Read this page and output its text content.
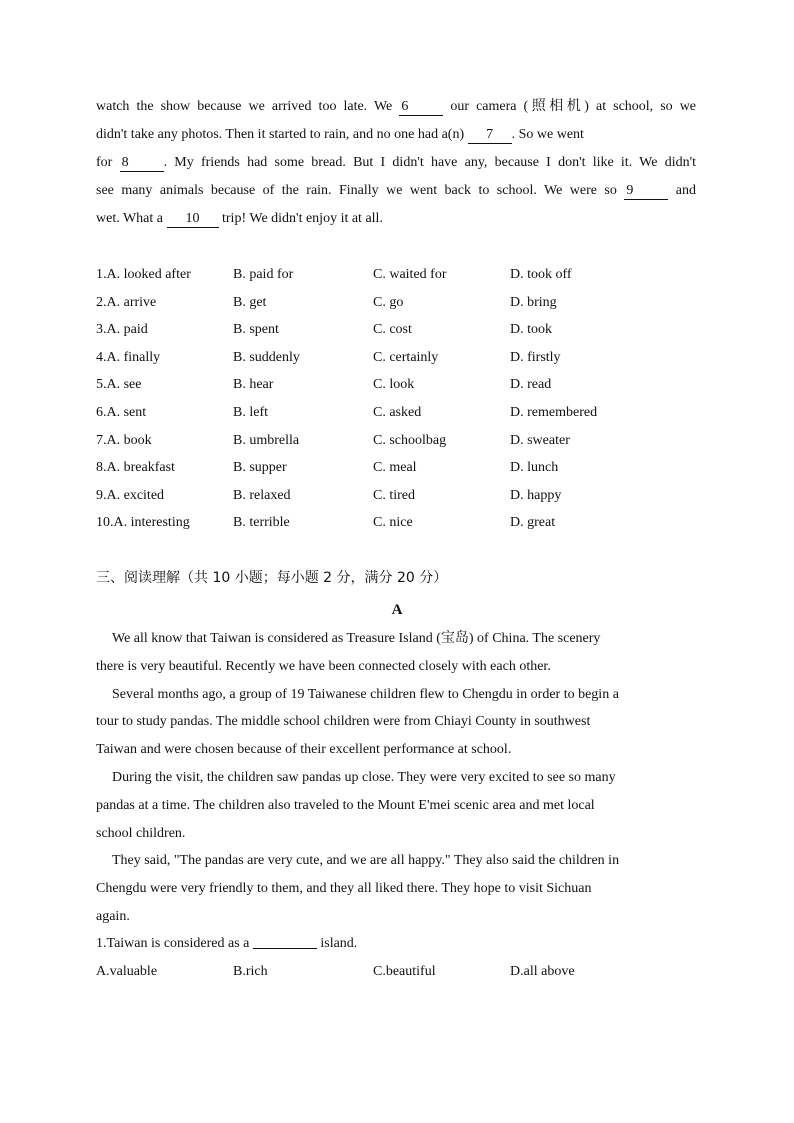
watch the show because we arrived too late. We 6	our camera (照相机) at school, so we
didn't take any photos. Then it started to rain, and no one had a(n) 7 . So we went
for 8	. My friends had some bread. But I didn't have any, because I don't like it. We didn't
see many animals because of the rain. Finally we went back to school. We were so 9	and
wet. What a 10 trip! We didn't enjoy it at all.
1.A. looked after	B. paid for	C. waited for	D. took off
2.A. arrive	B. get	C. go	D. bring
3.A. paid	B. spent	C. cost	D. took
4.A. finally	B. suddenly	C. certainly	D. firstly
5.A. see	B. hear	C. look	D. read
6.A. sent	B. left	C. asked	D. remembered
7.A. book	B. umbrella	C. schoolbag	D. sweater
8.A. breakfast	B. supper	C. meal	D. lunch
9.A. excited	B. relaxed	C. tired	D. happy
10.A. interesting	B. terrible	C. nice	D. great
三、阅读理解（共 10 小题；每小题 2 分，满分 20 分）
A
We all know that Taiwan is considered as Treasure Island (宝岛) of China. The scenery
there is very beautiful. Recently we have been connected closely with each other.
Several months ago, a group of 19 Taiwanese children flew to Chengdu in order to begin a
tour to study pandas. The middle school children were from Chiayi County in southwest
Taiwan and were chosen because of their excellent performance at school.
During the visit, the children saw pandas up close. They were very excited to see so many
pandas at a time. The children also traveled to the Mount E'mei scenic area and met local
school children.
They said, "The pandas are very cute, and we are all happy." They also said the children in
Chengdu were very friendly to them, and they all liked there. They hope to visit Sichuan
again.
1.Taiwan is considered as a	island.
A.valuable	B.rich	C.beautiful	D.all above
